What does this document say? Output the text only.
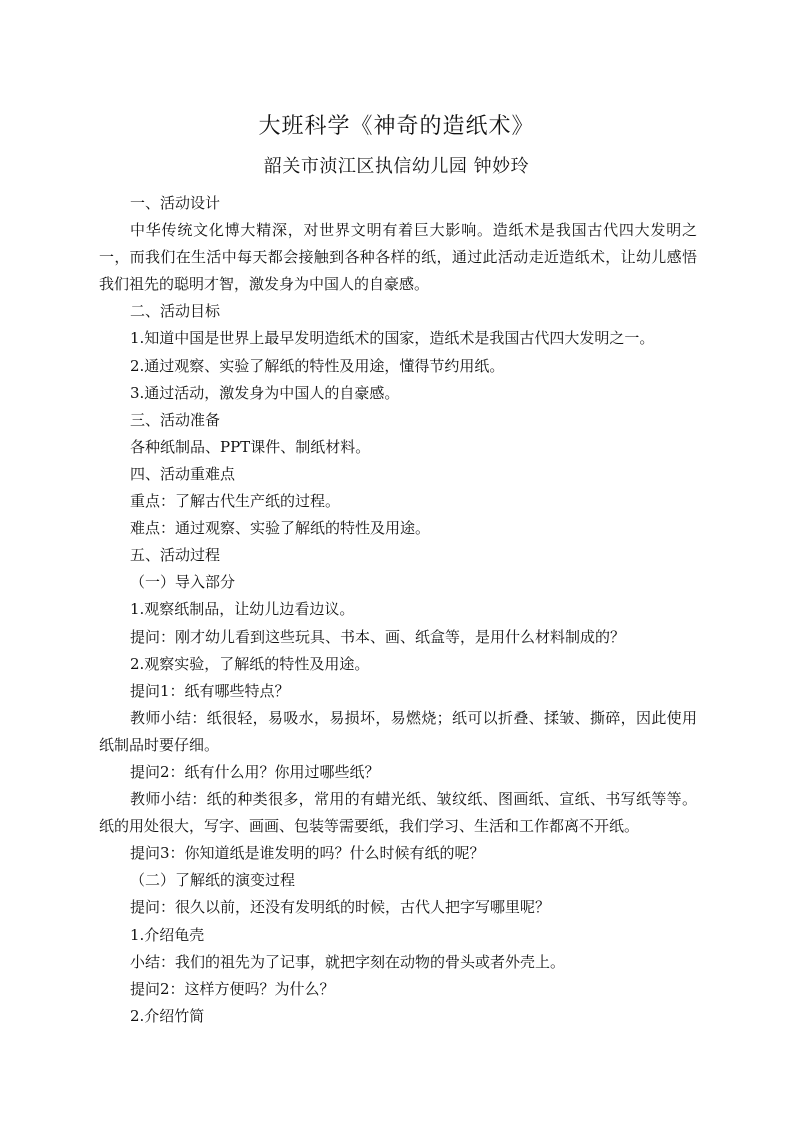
大班科学《神奇的造纸术》
韶关市浈江区执信幼儿园 钟妙玲

一、活动设计

中华传统文化博大精深，对世界文明有着巨大影响。造纸术是我国古代四大发明之一，而我们在生活中每天都会接触到各种各样的纸，通过此活动走近造纸术，让幼儿感悟我们祖先的聪明才智，激发身为中国人的自豪感。

二、活动目标

1.知道中国是世界上最早发明造纸术的国家，造纸术是我国古代四大发明之一。

2.通过观察、实验了解纸的特性及用途，懂得节约用纸。

3.通过活动，激发身为中国人的自豪感。

三、活动准备

各种纸制品、PPT课件、制纸材料。

四、活动重难点

重点：了解古代生产纸的过程。

难点：通过观察、实验了解纸的特性及用途。

五、活动过程

（一）导入部分

1.观察纸制品，让幼儿边看边议。

提问：刚才幼儿看到这些玩具、书本、画、纸盒等，是用什么材料制成的？

2.观察实验，了解纸的特性及用途。

提问1：纸有哪些特点？

教师小结：纸很轻，易吸水，易损坏，易燃烧；纸可以折叠、揉皱、撕碎，因此使用纸制品时要仔细。

提问2：纸有什么用？你用过哪些纸？

教师小结：纸的种类很多，常用的有蜡光纸、皱纹纸、图画纸、宣纸、书写纸等等。纸的用处很大，写字、画画、包装等需要纸，我们学习、生活和工作都离不开纸。

提问3：你知道纸是谁发明的吗？什么时候有纸的呢？

（二）了解纸的演变过程

提问：很久以前，还没有发明纸的时候，古代人把字写哪里呢？

1.介绍龟壳

小结：我们的祖先为了记事，就把字刻在动物的骨头或者外壳上。

提问2：这样方便吗？为什么？

2.介绍竹简
